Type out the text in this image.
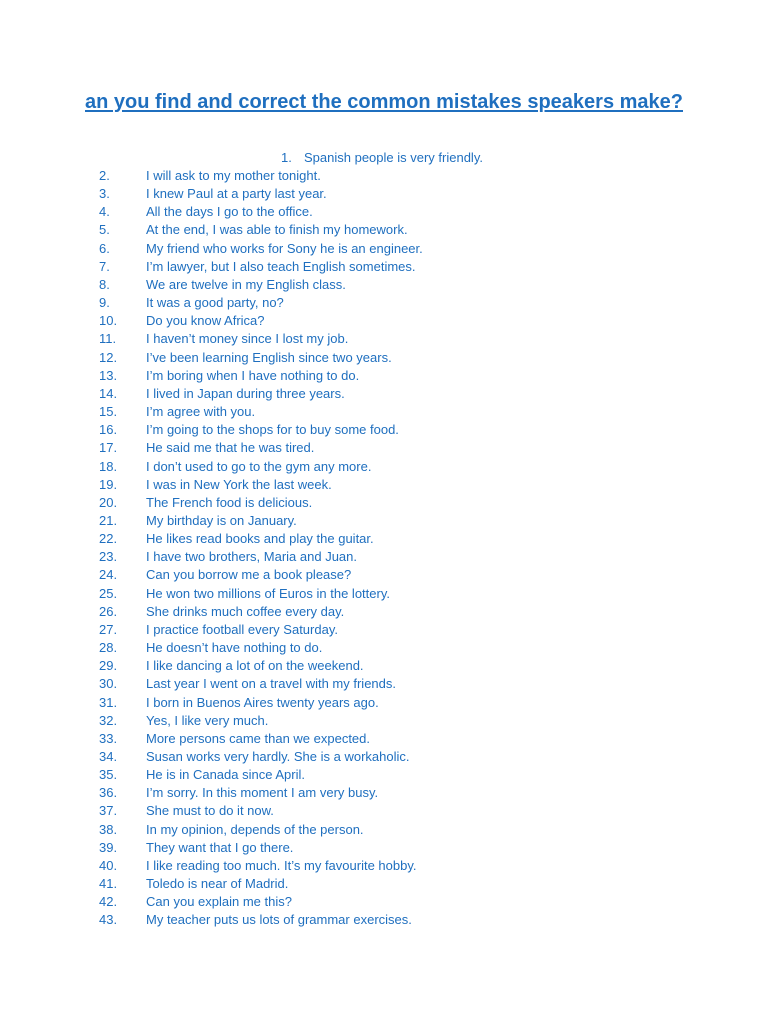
an you find and correct the common mistakes speakers make?
1. Spanish people is very friendly.
2.	I will ask to my mother tonight.
3.	I knew Paul at a party last year.
4.	All the days I go to the office.
5.	At the end, I was able to finish my homework.
6.	My friend who works for Sony he is an engineer.
7.	I’m lawyer, but I also teach English sometimes.
8.	We are twelve in my English class.
9.	It was a good party, no?
10. Do you know Africa?
11. I haven’t money since I lost my job.
12. I’ve been learning English since two years.
13. I’m boring when I have nothing to do.
14. I lived in Japan during three years.
15. I’m agree with you.
16. I’m going to the shops for to buy some food.
17. He said me that he was tired.
18. I don’t used to go to the gym any more.
19. I was in New York the last week.
20. The French food is delicious.
21. My birthday is on January.
22. He likes read books and play the guitar.
23. I have two brothers, Maria and Juan.
24. Can you borrow me a book please?
25. He won two millions of Euros in the lottery.
26. She drinks much coffee every day.
27. I practice football every Saturday.
28. He doesn’t have nothing to do.
29. I like dancing a lot of on the weekend.
30. Last year I went on a travel with my friends.
31. I born in Buenos Aires twenty years ago.
32. Yes, I like very much.
33. More persons came than we expected.
34. Susan works very hardly. She is a workaholic.
35. He is in Canada since April.
36. I’m sorry. In this moment I am very busy.
37. She must to do it now.
38. In my opinion, depends of the person.
39. They want that I go there.
40. I like reading too much. It’s my favourite hobby.
41. Toledo is near of Madrid.
42. Can you explain me this?
43. My teacher puts us lots of grammar exercises.
